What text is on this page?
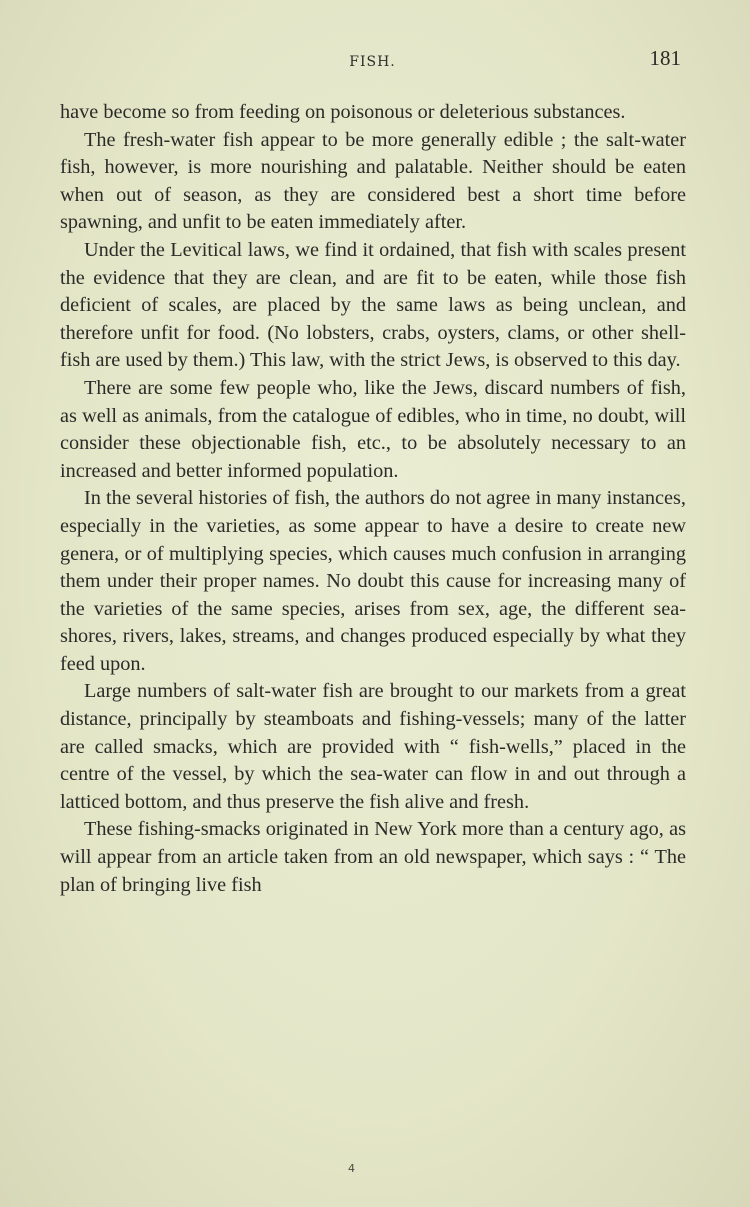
FISH.	181

have become so from feeding on poisonous or deleterious substances.

The fresh-water fish appear to be more generally edible ; the salt-water fish, however, is more nourishing and palatable. Neither should be eaten when out of season, as they are considered best a short time before spawning, and unfit to be eaten immediately after.

Under the Levitical laws, we find it ordained, that fish with scales present the evidence that they are clean, and are fit to be eaten, while those fish deficient of scales, are placed by the same laws as being unclean, and therefore unfit for food. (No lobsters, crabs, oysters, clams, or other shell-fish are used by them.) This law, with the strict Jews, is observed to this day.

There are some few people who, like the Jews, discard numbers of fish, as well as animals, from the catalogue of edibles, who in time, no doubt, will consider these objectionable fish, etc., to be absolutely necessary to an increased and better informed population.

In the several histories of fish, the authors do not agree in many instances, especially in the varieties, as some appear to have a desire to create new genera, or of multiplying species, which causes much confusion in arranging them under their proper names. No doubt this cause for increasing many of the varieties of the same species, arises from sex, age, the different sea-shores, rivers, lakes, streams, and changes produced especially by what they feed upon.

Large numbers of salt-water fish are brought to our markets from a great distance, principally by steamboats and fishing-vessels; many of the latter are called smacks, which are provided with “ fish-wells,” placed in the centre of the vessel, by which the sea-water can flow in and out through a latticed bottom, and thus preserve the fish alive and fresh.

These fishing-smacks originated in New York more than a century ago, as will appear from an article taken from an old newspaper, which says : “ The plan of bringing live fish

4
